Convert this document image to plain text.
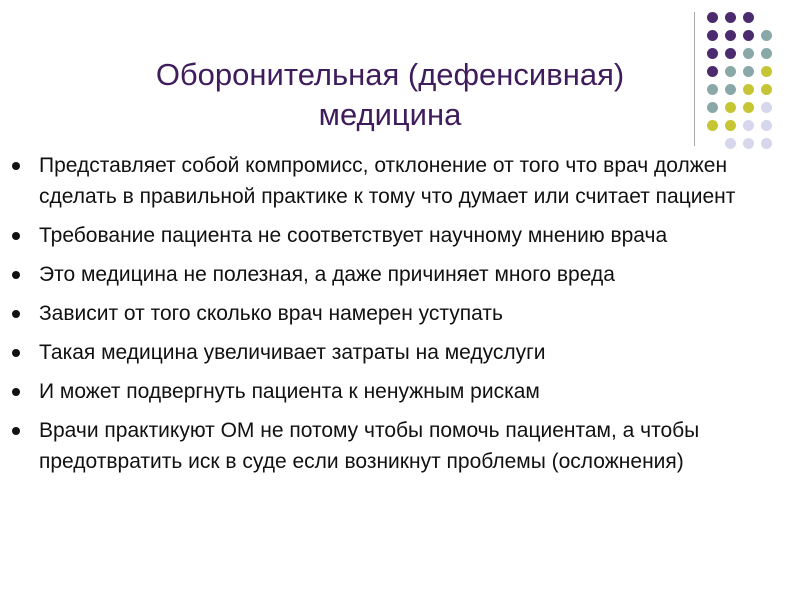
Оборонительная (дефенсивная)
медицина
Представляет собой компромисс, отклонение от того что врач должен сделать в правильной практике к тому что думает или считает пациент
Требование пациента не соответствует научному мнению врача
Это медицина не полезная, а даже причиняет много вреда
Зависит от того сколько врач намерен уступать
Такая медицина увеличивает затраты на медуслуги
И может подвергнуть пациента к ненужным рискам
Врачи практикуют ОМ не потому чтобы помочь пациентам, а чтобы предотвратить иск в суде если возникнут проблемы (осложнения)
